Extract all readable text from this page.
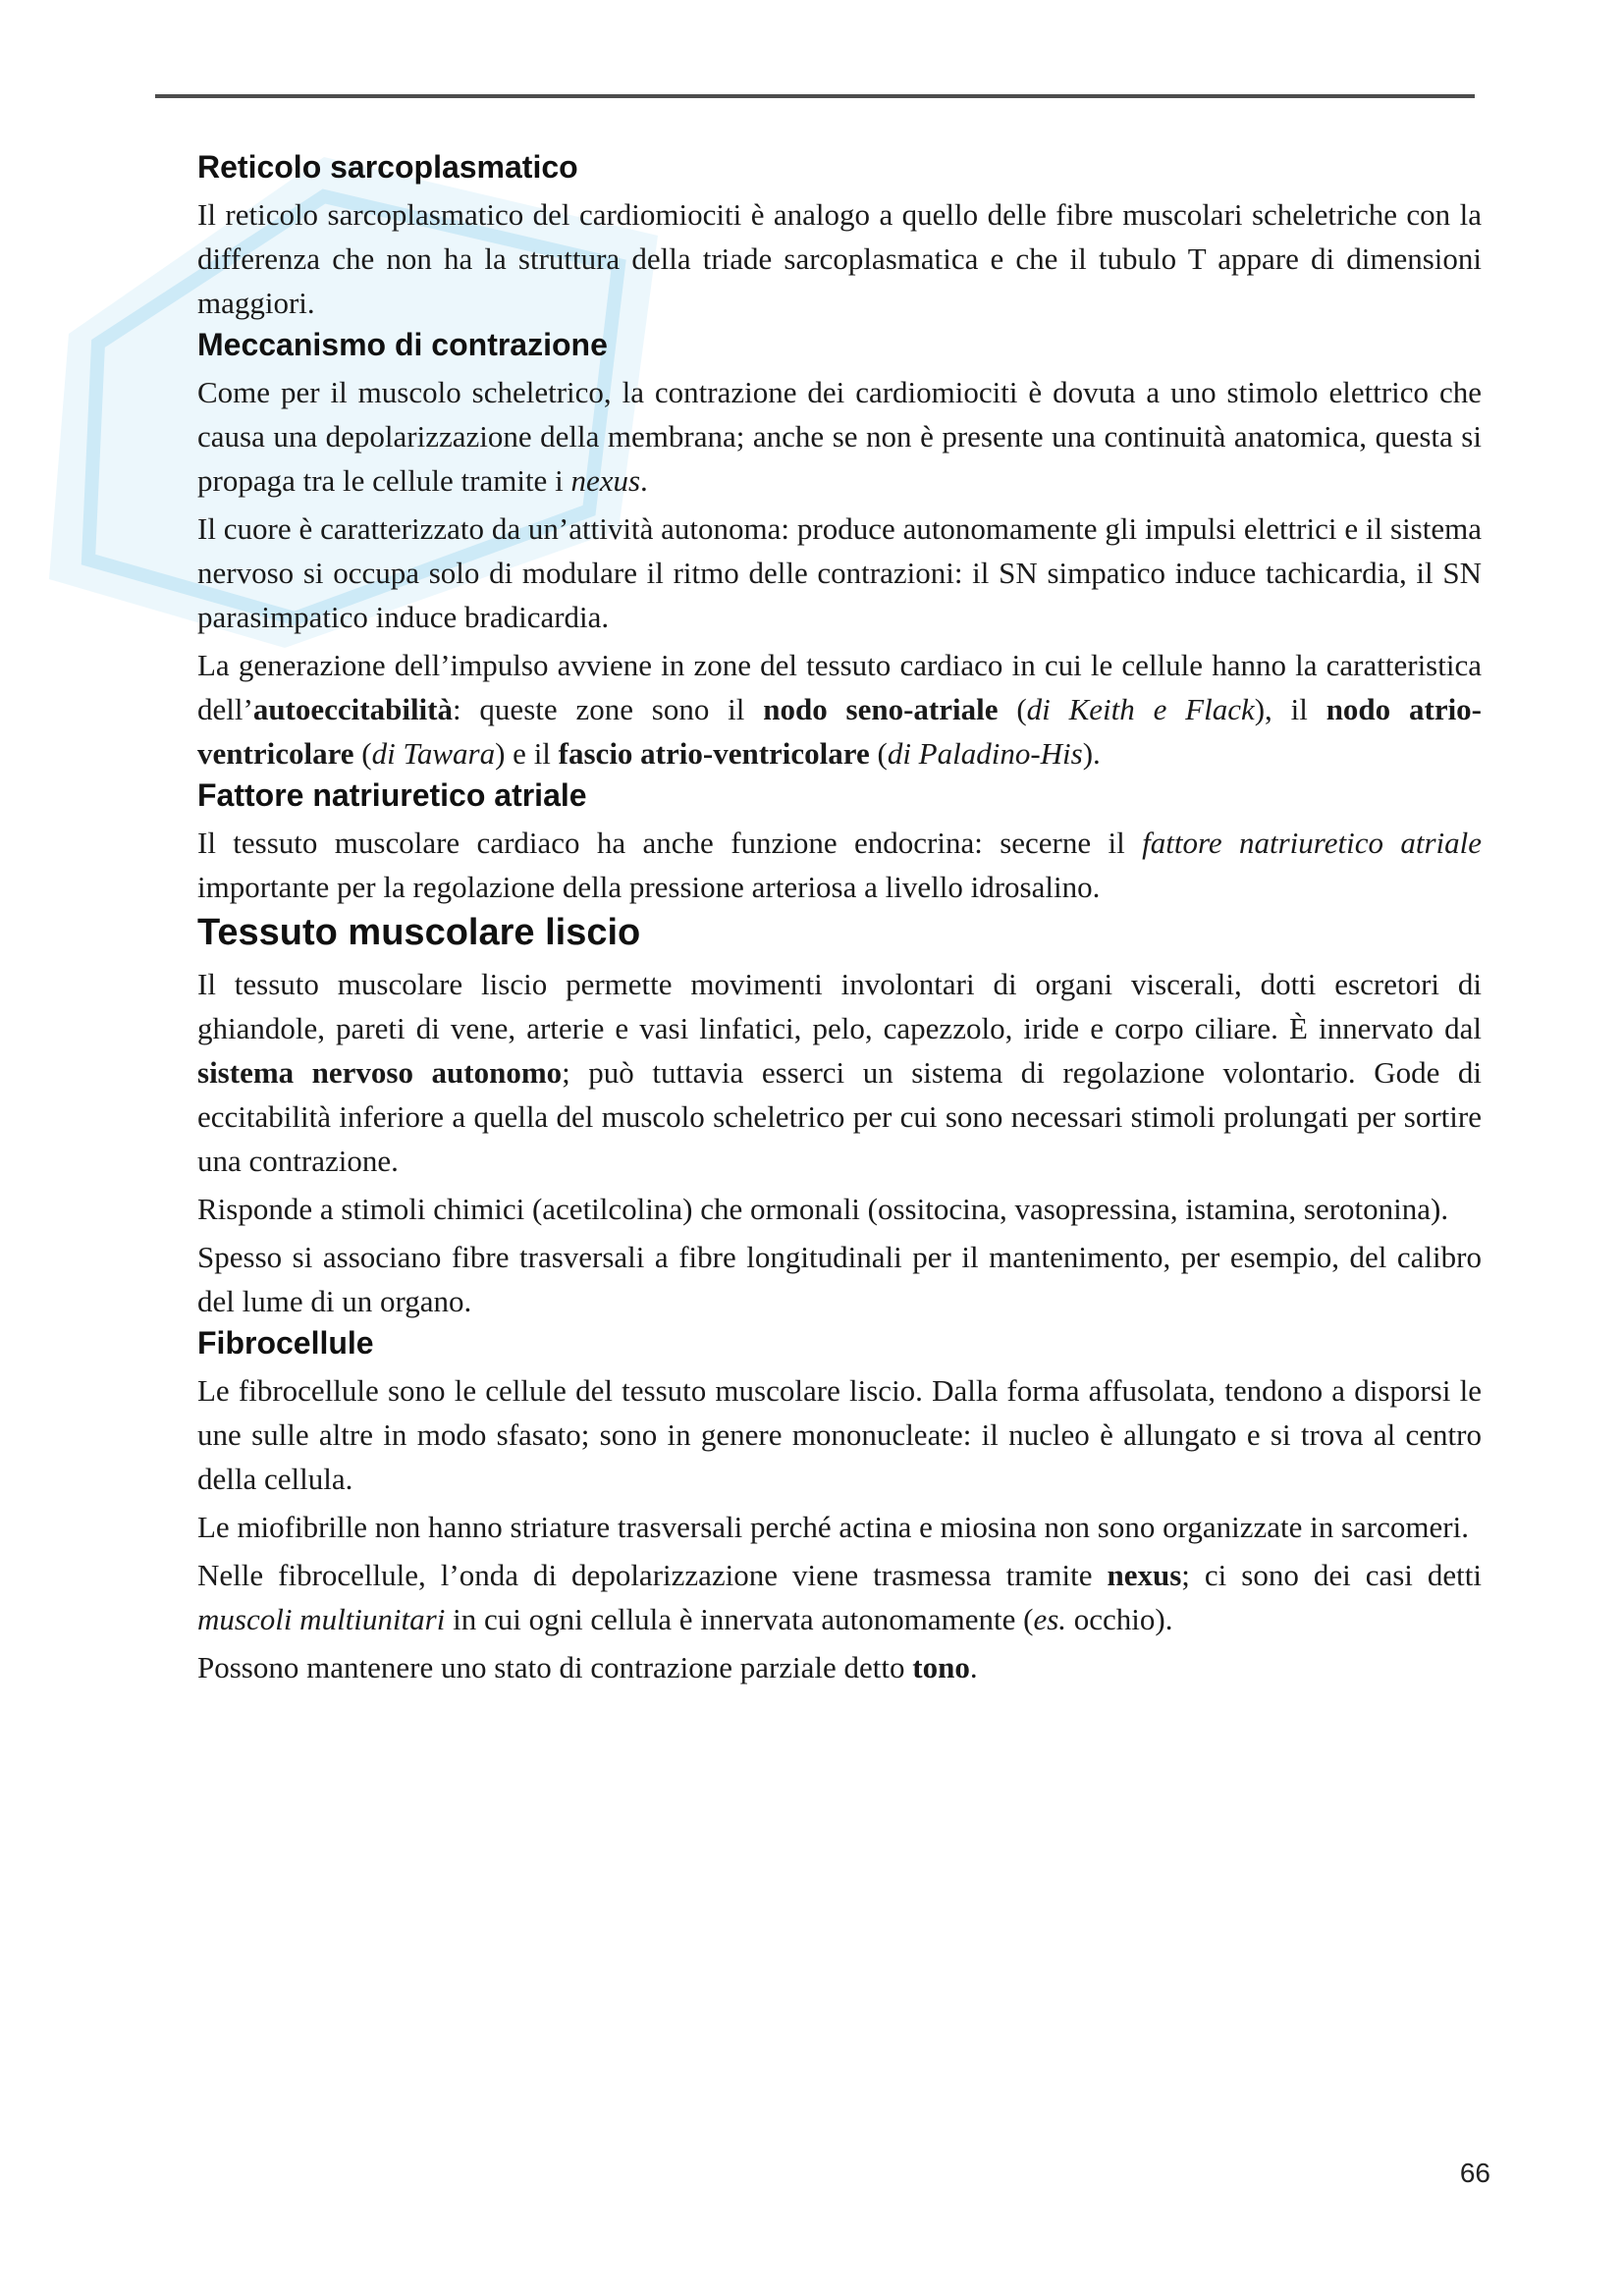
Reticolo sarcoplasmatico

Il reticolo sarcoplasmatico del cardiomiociti è analogo a quello delle fibre muscolari scheletriche con la differenza che non ha la struttura della triade sarcoplasmatica e che il tubulo T appare di dimensioni maggiori.

Meccanismo di contrazione

Come per il muscolo scheletrico, la contrazione dei cardiomiociti è dovuta a uno stimolo elettrico che causa una depolarizzazione della membrana; anche se non è presente una continuità anatomica, questa si propaga tra le cellule tramite i nexus.

Il cuore è caratterizzato da un’attività autonoma: produce autonomamente gli impulsi elettrici e il sistema nervoso si occupa solo di modulare il ritmo delle contrazioni: il SN simpatico induce tachicardia, il SN parasimpatico induce bradicardia.

La generazione dell’impulso avviene in zone del tessuto cardiaco in cui le cellule hanno la caratteristica dell’autoeccitabilità: queste zone sono il nodo seno-atriale (di Keith e Flack), il nodo atrio-ventricolare (di Tawara) e il fascio atrio-ventricolare (di Paladino-His).

Fattore natriuretico atriale

Il tessuto muscolare cardiaco ha anche funzione endocrina: secerne il fattore natriuretico atriale importante per la regolazione della pressione arteriosa a livello idrosalino.

Tessuto muscolare liscio

Il tessuto muscolare liscio permette movimenti involontari di organi viscerali, dotti escretori di ghiandole, pareti di vene, arterie e vasi linfatici, pelo, capezzolo, iride e corpo ciliare. È innervato dal sistema nervoso autonomo; può tuttavia esserci un sistema di regolazione volontario. Gode di eccitabilità inferiore a quella del muscolo scheletrico per cui sono necessari stimoli prolungati per sortire una contrazione.

Risponde a stimoli chimici (acetilcolina) che ormonali (ossitocina, vasopressina, istamina, serotonina).

Spesso si associano fibre trasversali a fibre longitudinali per il mantenimento, per esempio, del calibro del lume di un organo.

Fibrocellule

Le fibrocellule sono le cellule del tessuto muscolare liscio. Dalla forma affusolata, tendono a disporsi le une sulle altre in modo sfasato; sono in genere mononucleate: il nucleo è allungato e si trova al centro della cellula.

Le miofibrille non hanno striature trasversali perché actina e miosina non sono organizzate in sarcomeri.

Nelle fibrocellule, l’onda di depolarizzazione viene trasmessa tramite nexus; ci sono dei casi detti muscoli multiunitari in cui ogni cellula è innervata autonomamente (es. occhio).

Possono mantenere uno stato di contrazione parziale detto tono.

66
